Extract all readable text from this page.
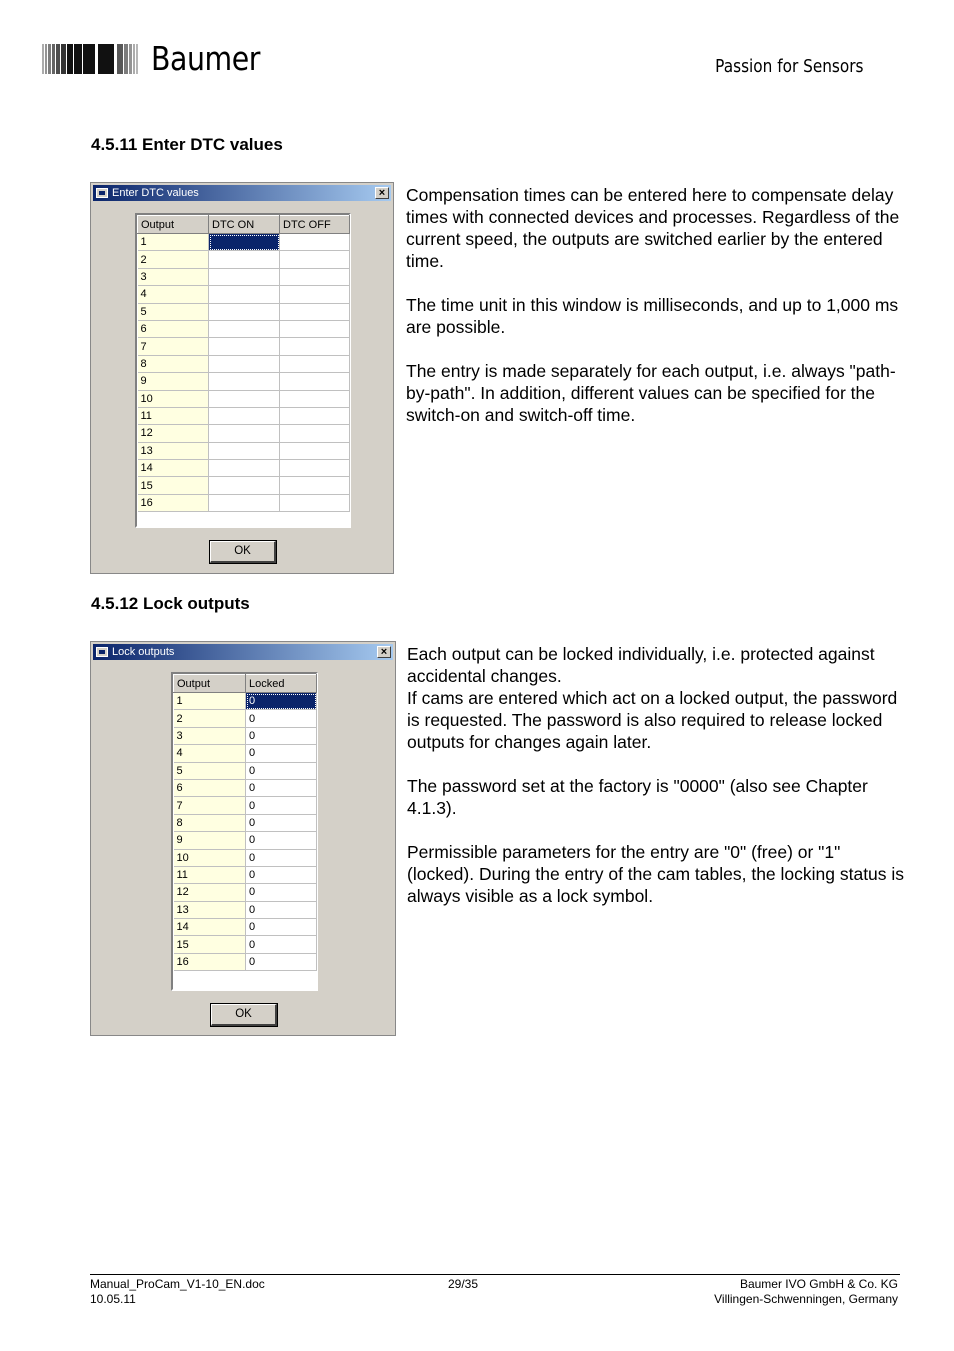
Baumer	Passion for Sensors
4.5.11 Enter DTC values
Enter DTC values	×
Output	DTC ON	DTC OFF
1		
2		
3		
4		
5		
6		
7		
8		
9		
10		
11		
12		
13		
14		
15		
16		
OK

Compensation times can be entered here to compensate delay times with connected devices and processes. Regardless of the current speed, the outputs are switched earlier by the entered time.

The time unit in this window is milliseconds, and up to 1,000 ms are possible.

The entry is made separately for each output, i.e. always "path-by-path". In addition, different values can be specified for the switch-on and switch-off time.

4.5.12 Lock outputs
Lock outputs	×
Output	Locked
1	0
2	0
3	0
4	0
5	0
6	0
7	0
8	0
9	0
10	0
11	0
12	0
13	0
14	0
15	0
16	0
OK

Each output can be locked individually, i.e. protected against accidental changes.

If cams are entered which act on a locked output, the password is requested. The password is also required to release locked outputs for changes again later.

The password set at the factory is "0000" (also see Chapter 4.1.3).

Permissible parameters for the entry are "0" (free) or "1" (locked). During the entry of the cam tables, the locking status is always visible as a lock symbol.

Manual_ProCam_V1-10_EN.doc
10.05.11
29/35	Baumer IVO GmbH & Co. KG
Villingen-Schwenningen, Germany
